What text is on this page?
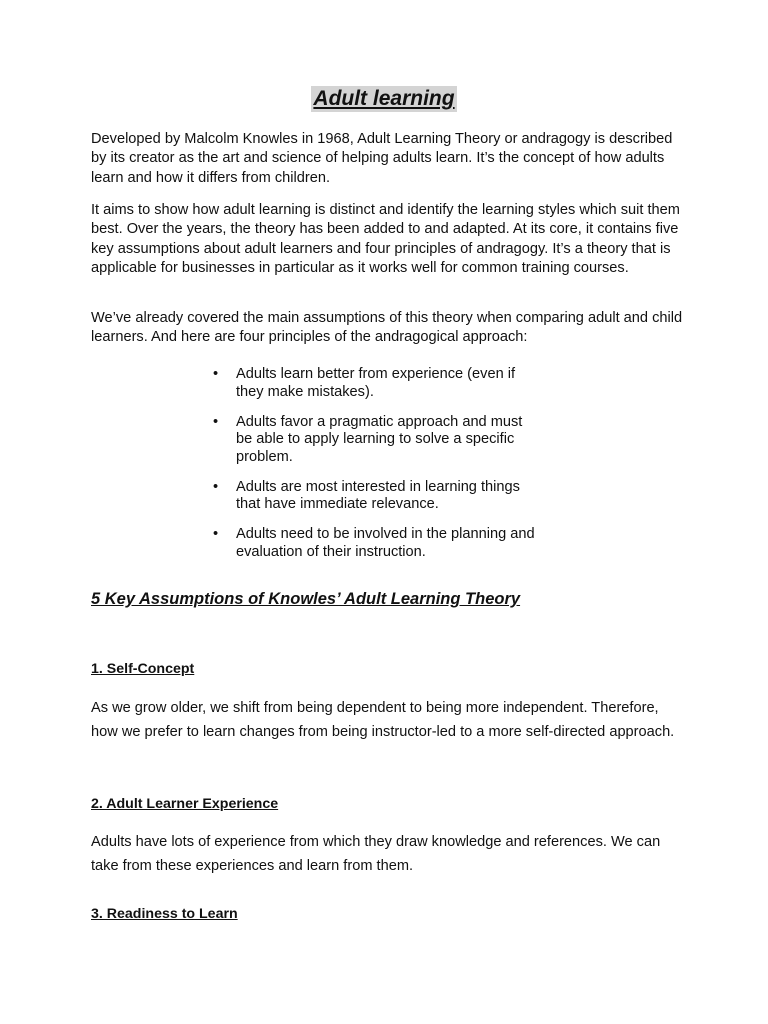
Adult learning

Developed by Malcolm Knowles in 1968, Adult Learning Theory or andragogy is described by its creator as the art and science of helping adults learn. It’s the concept of how adults learn and how it differs from children.

It aims to show how adult learning is distinct and identify the learning styles which suit them best. Over the years, the theory has been added to and adapted. At its core, it contains five key assumptions about adult learners and four principles of andragogy. It’s a theory that is applicable for businesses in particular as it works well for common training courses.

We’ve already covered the main assumptions of this theory when comparing adult and child learners. And here are four principles of the andragogical approach:

• Adults learn better from experience (even if they make mistakes).
• Adults favor a pragmatic approach and must be able to apply learning to solve a specific problem.
• Adults are most interested in learning things that have immediate relevance.
• Adults need to be involved in the planning and evaluation of their instruction.
5 Key Assumptions of Knowles’ Adult Learning Theory
1. Self-Concept

As we grow older, we shift from being dependent to being more independent. Therefore, how we prefer to learn changes from being instructor-led to a more self-directed approach.

2. Adult Learner Experience

Adults have lots of experience from which they draw knowledge and references. We can take from these experiences and learn from them.

3. Readiness to Learn
